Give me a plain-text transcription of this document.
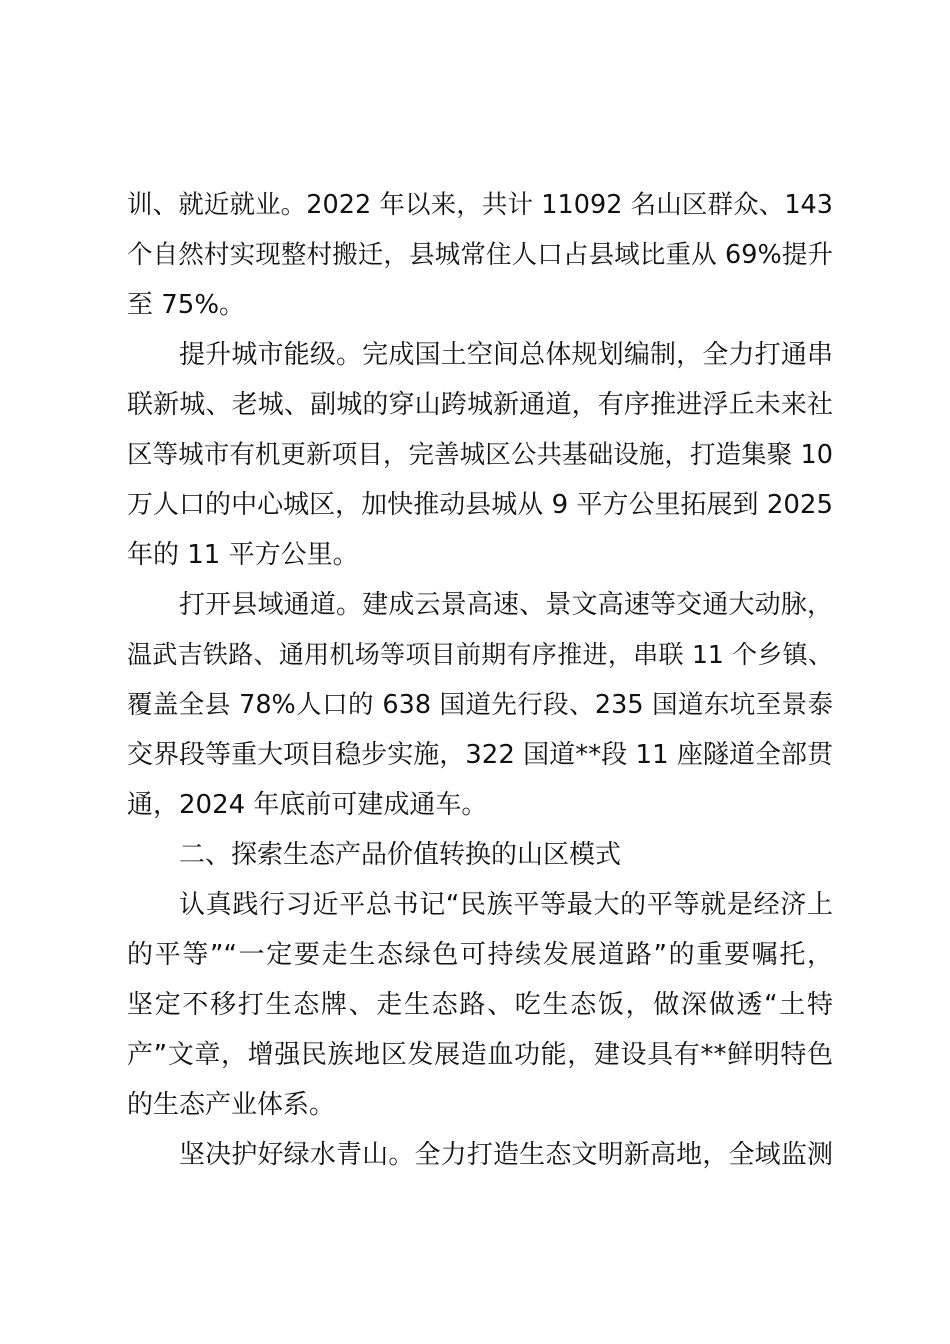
训、就近就业。2022 年以来，共计 11092 名山区群众、143
个自然村实现整村搬迁，县城常住人口占县域比重从 69%提升
至 75%。
提升城市能级。完成国土空间总体规划编制，全力打通串
联新城、老城、副城的穿山跨城新通道，有序推进浮丘未来社
区等城市有机更新项目，完善城区公共基础设施，打造集聚 10
万人口的中心城区，加快推动县城从 9 平方公里拓展到 2025
年的 11 平方公里。
打开县域通道。建成云景高速、景文高速等交通大动脉，
温武吉铁路、通用机场等项目前期有序推进，串联 11 个乡镇、
覆盖全县 78%人口的 638 国道先行段、235 国道东坑至景泰
交界段等重大项目稳步实施，322 国道**段 11 座隧道全部贯
通，2024 年底前可建成通车。
二、探索生态产品价值转换的山区模式
认真践行习近平总书记“民族平等最大的平等就是经济上
的平等”“一定要走生态绿色可持续发展道路”的重要嘱托，
坚定不移打生态牌、走生态路、吃生态饭，做深做透“土特
产”文章，增强民族地区发展造血功能，建设具有**鲜明特色
的生态产业体系。
坚决护好绿水青山。全力打造生态文明新高地，全域监测
